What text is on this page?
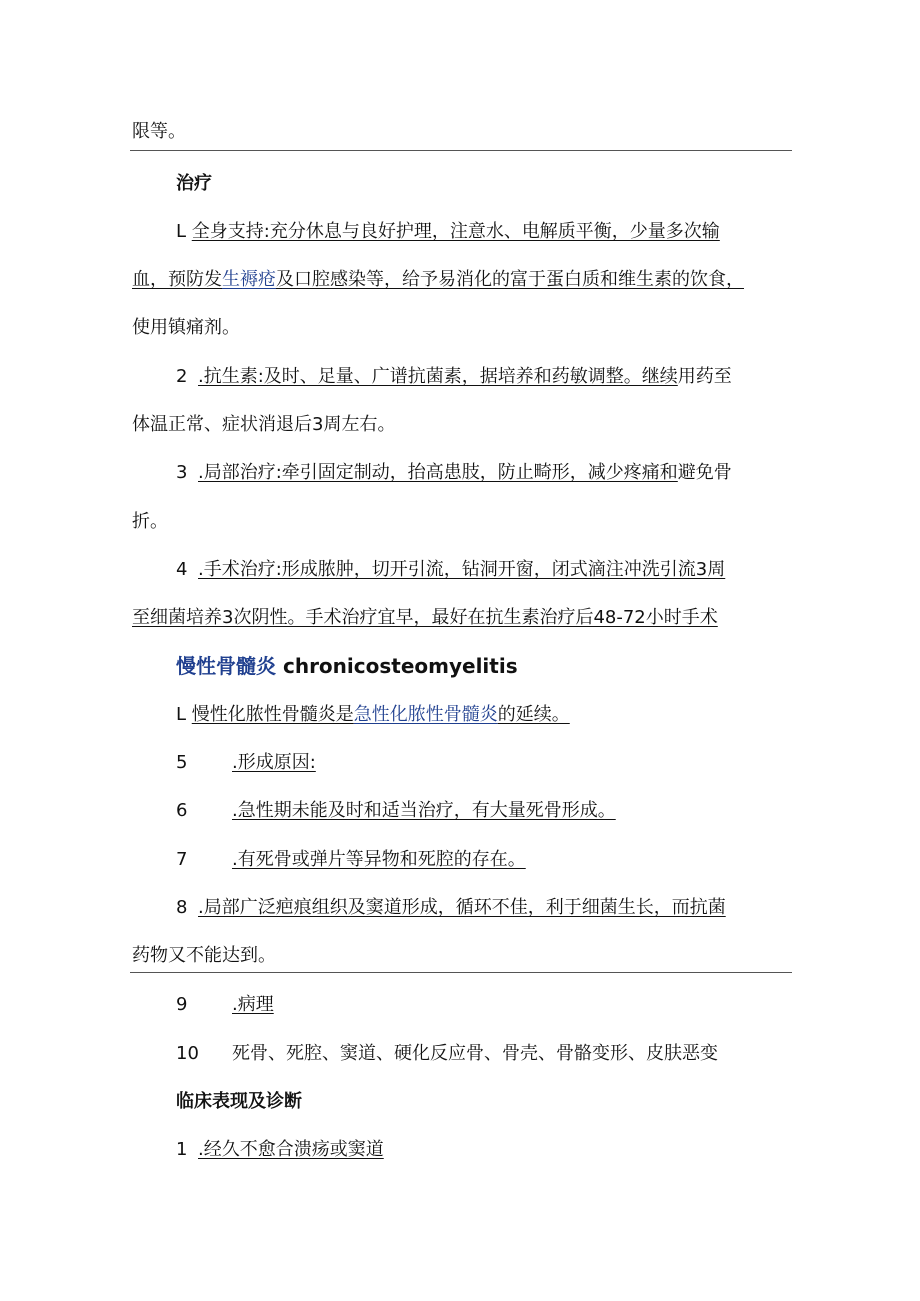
限等。
治疗
L 全身支持:充分休息与良好护理，注意水、电解质平衡，少量多次输
血，预防发生褥疮及口腔感染等，给予易消化的富于蛋白质和维生素的饮食，
使用镇痛剂。
2 .抗生素:及时、足量、广谱抗菌素，据培养和药敏调整。继续用药至
体温正常、症状消退后3周左右。
3 .局部治疗:牵引固定制动，抬高患肢，防止畸形，减少疼痛和避免骨
折。
4 .手术治疗:形成脓肿，切开引流，钻洞开窗，闭式滴注冲洗引流3周
至细菌培养3次阴性。手术治疗宜早，最好在抗生素治疗后48-72小时手术
慢性骨髓炎 chronicosteomyelitis
L 慢性化脓性骨髓炎是急性化脓性骨髓炎的延续。
5 .形成原因:
6 .急性期未能及时和适当治疗，有大量死骨形成。
7 .有死骨或弹片等异物和死腔的存在。
8 .局部广泛疤痕组织及窦道形成，循环不佳，利于细菌生长，而抗菌
药物又不能达到。
9 .病理
10 死骨、死腔、窦道、硬化反应骨、骨壳、骨骼变形、皮肤恶变
临床表现及诊断
1 .经久不愈合溃疡或窦道
